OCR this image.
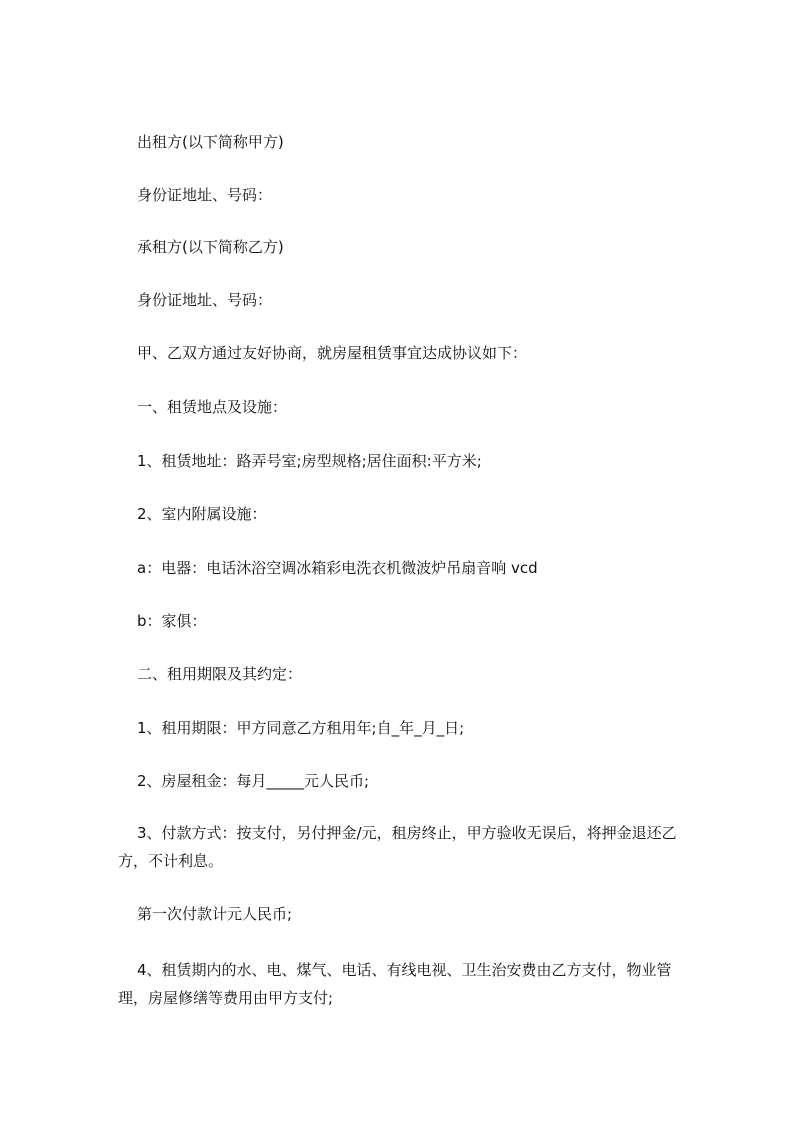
出租方(以下简称甲方)
身份证地址、号码：
承租方(以下简称乙方)
身份证地址、号码：
甲、乙双方通过友好协商，就房屋租赁事宜达成协议如下：
一、租赁地点及设施：
1、租赁地址：路弄号室;房型规格;居住面积:平方米;
2、室内附属设施：
a：电器：电话沐浴空调冰箱彩电洗衣机微波炉吊扇音响 vcd
b：家俱：
二、租用期限及其约定：
1、租用期限：甲方同意乙方租用年;自_年_月_日;
2、房屋租金：每月_____元人民币;
3、付款方式：按支付，另付押金/元，租房终止，甲方验收无误后，将押金退还乙方，不计利息。
第一次付款计元人民币;
4、租赁期内的水、电、煤气、电话、有线电视、卫生治安费由乙方支付，物业管理，房屋修缮等费用由甲方支付;
